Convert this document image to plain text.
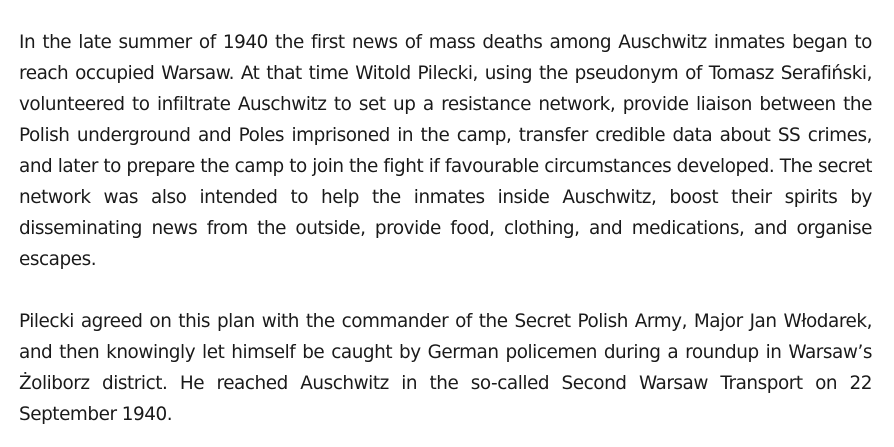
In the late summer of 1940 the first news of mass deaths among Auschwitz inmates began to reach occupied Warsaw. At that time Witold Pilecki, using the pseudonym of Tomasz Serafiński, volunteered to infiltrate Auschwitz to set up a resistance network, provide liaison between the Polish underground and Poles imprisoned in the camp, transfer credible data about SS crimes, and later to prepare the camp to join the fight if favourable circumstances developed. The secret network was also intended to help the inmates inside Auschwitz, boost their spirits by disseminating news from the outside, provide food, clothing, and medications, and organise escapes.

Pilecki agreed on this plan with the commander of the Secret Polish Army, Major Jan Włodarek, and then knowingly let himself be caught by German policemen during a roundup in Warsaw’s Żoliborz district. He reached Auschwitz in the so-called Second Warsaw Transport on 22 September 1940.
